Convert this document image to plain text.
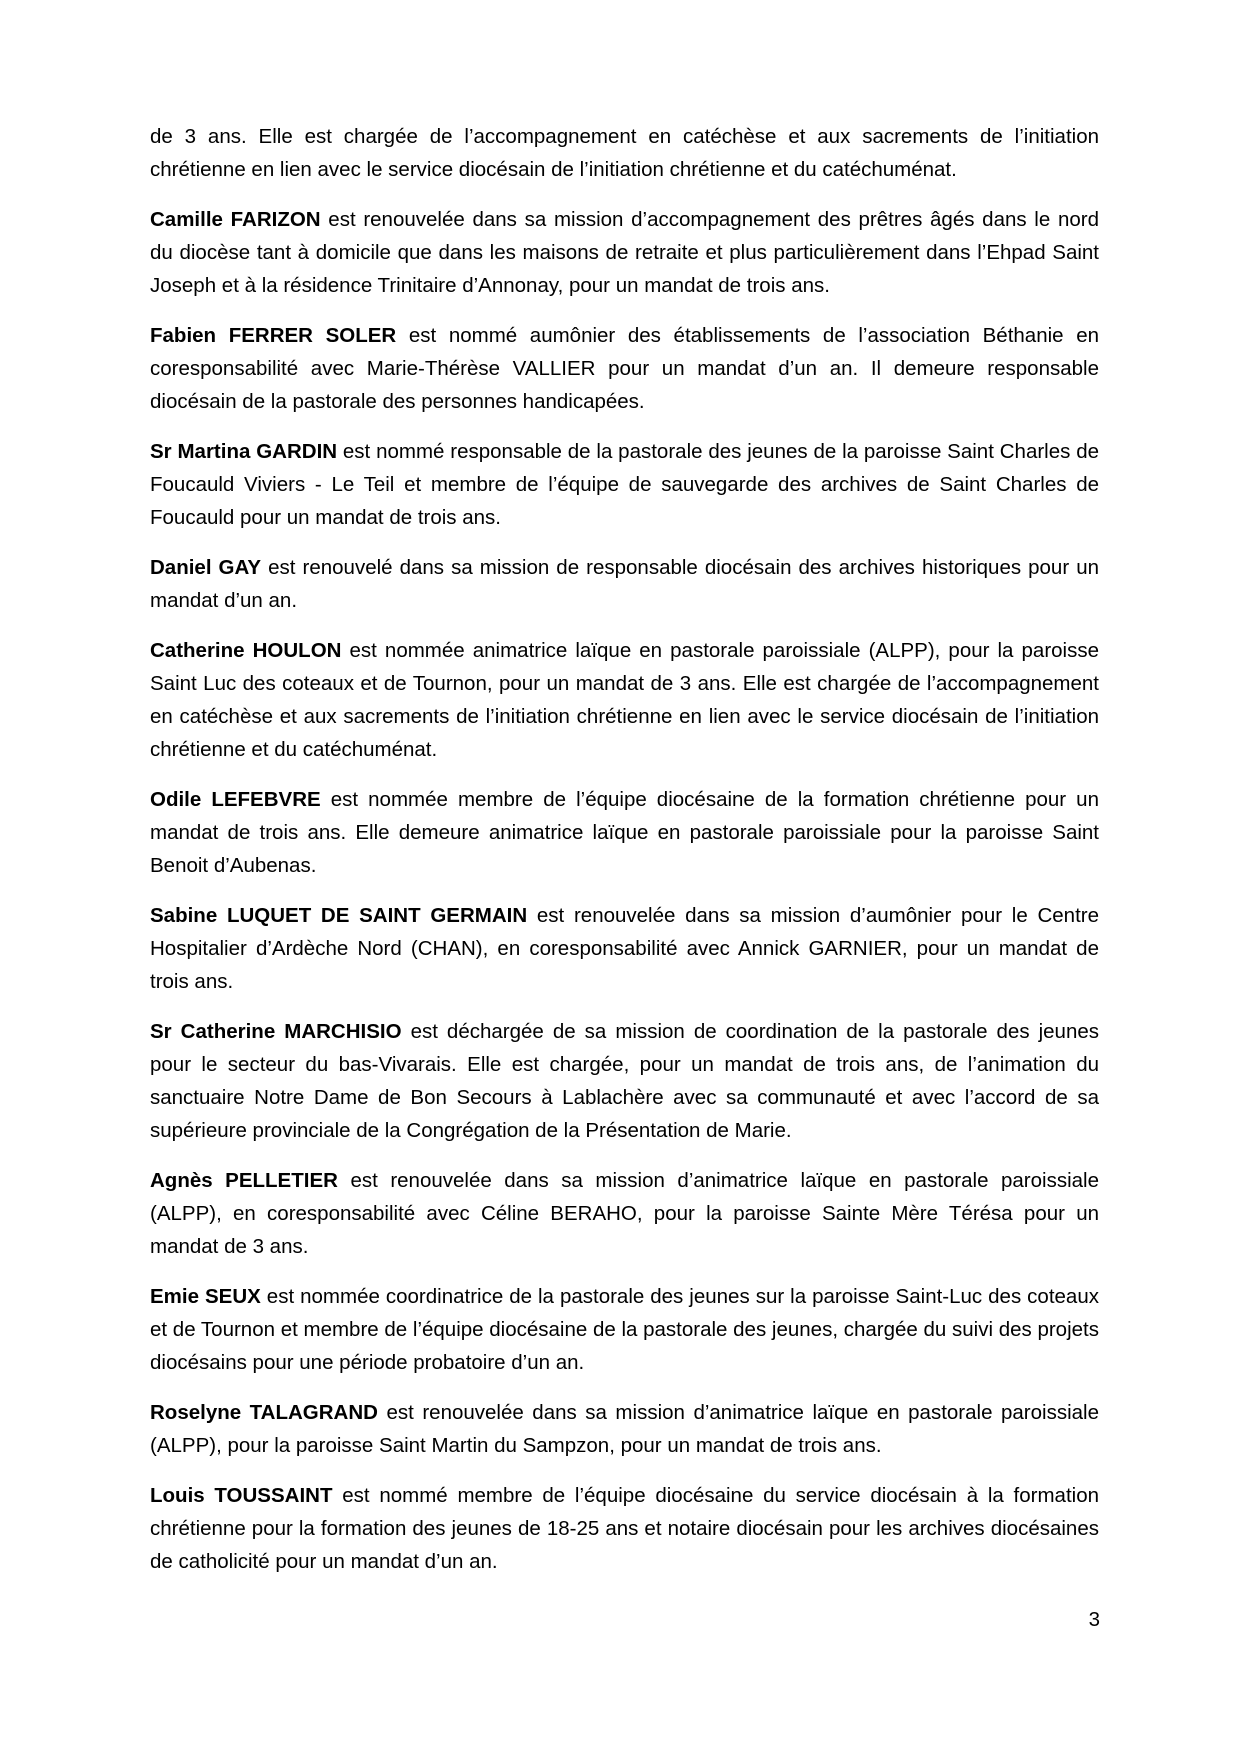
de 3 ans. Elle est chargée de l’accompagnement en catéchèse et aux sacrements de l’initiation chrétienne en lien avec le service diocésain de l’initiation chrétienne et du catéchuménat.

Camille FARIZON est renouvelée dans sa mission d’accompagnement des prêtres âgés dans le nord du diocèse tant à domicile que dans les maisons de retraite et plus particulièrement dans l’Ehpad Saint Joseph et à la résidence Trinitaire d’Annonay, pour un mandat de trois ans.

Fabien FERRER SOLER est nommé aumônier des établissements de l’association Béthanie en coresponsabilité avec Marie-Thérèse VALLIER pour un mandat d’un an. Il demeure responsable diocésain de la pastorale des personnes handicapées.

Sr Martina GARDIN est nommé responsable de la pastorale des jeunes de la paroisse Saint Charles de Foucauld Viviers - Le Teil et membre de l’équipe de sauvegarde des archives de Saint Charles de Foucauld pour un mandat de trois ans.

Daniel GAY est renouvelé dans sa mission de responsable diocésain des archives historiques pour un mandat d’un an.

Catherine HOULON est nommée animatrice laïque en pastorale paroissiale (ALPP), pour la paroisse Saint Luc des coteaux et de Tournon, pour un mandat de 3 ans. Elle est chargée de l’accompagnement en catéchèse et aux sacrements de l’initiation chrétienne en lien avec le service diocésain de l’initiation chrétienne et du catéchuménat.

Odile LEFEBVRE est nommée membre de l’équipe diocésaine de la formation chrétienne pour un mandat de trois ans. Elle demeure animatrice laïque en pastorale paroissiale pour la paroisse Saint Benoit d’Aubenas.

Sabine LUQUET DE SAINT GERMAIN est renouvelée dans sa mission d’aumônier pour le Centre Hospitalier d’Ardèche Nord (CHAN), en coresponsabilité avec Annick GARNIER, pour un mandat de trois ans.

Sr Catherine MARCHISIO est déchargée de sa mission de coordination de la pastorale des jeunes pour le secteur du bas-Vivarais. Elle est chargée, pour un mandat de trois ans, de l’animation du sanctuaire Notre Dame de Bon Secours à Lablachère avec sa communauté et avec l’accord de sa supérieure provinciale de la Congrégation de la Présentation de Marie.

Agnès PELLETIER est renouvelée dans sa mission d’animatrice laïque en pastorale paroissiale (ALPP), en coresponsabilité avec Céline BERAHO, pour la paroisse Sainte Mère Térésa pour un mandat de 3 ans.

Emie SEUX est nommée coordinatrice de la pastorale des jeunes sur la paroisse Saint-Luc des coteaux et de Tournon et membre de l’équipe diocésaine de la pastorale des jeunes, chargée du suivi des projets diocésains pour une période probatoire d’un an.

Roselyne TALAGRAND est renouvelée dans sa mission d’animatrice laïque en pastorale paroissiale (ALPP), pour la paroisse Saint Martin du Sampzon, pour un mandat de trois ans.

Louis TOUSSAINT est nommé membre de l’équipe diocésaine du service diocésain à la formation chrétienne pour la formation des jeunes de 18-25 ans et notaire diocésain pour les archives diocésaines de catholicité pour un mandat d’un an.

3
